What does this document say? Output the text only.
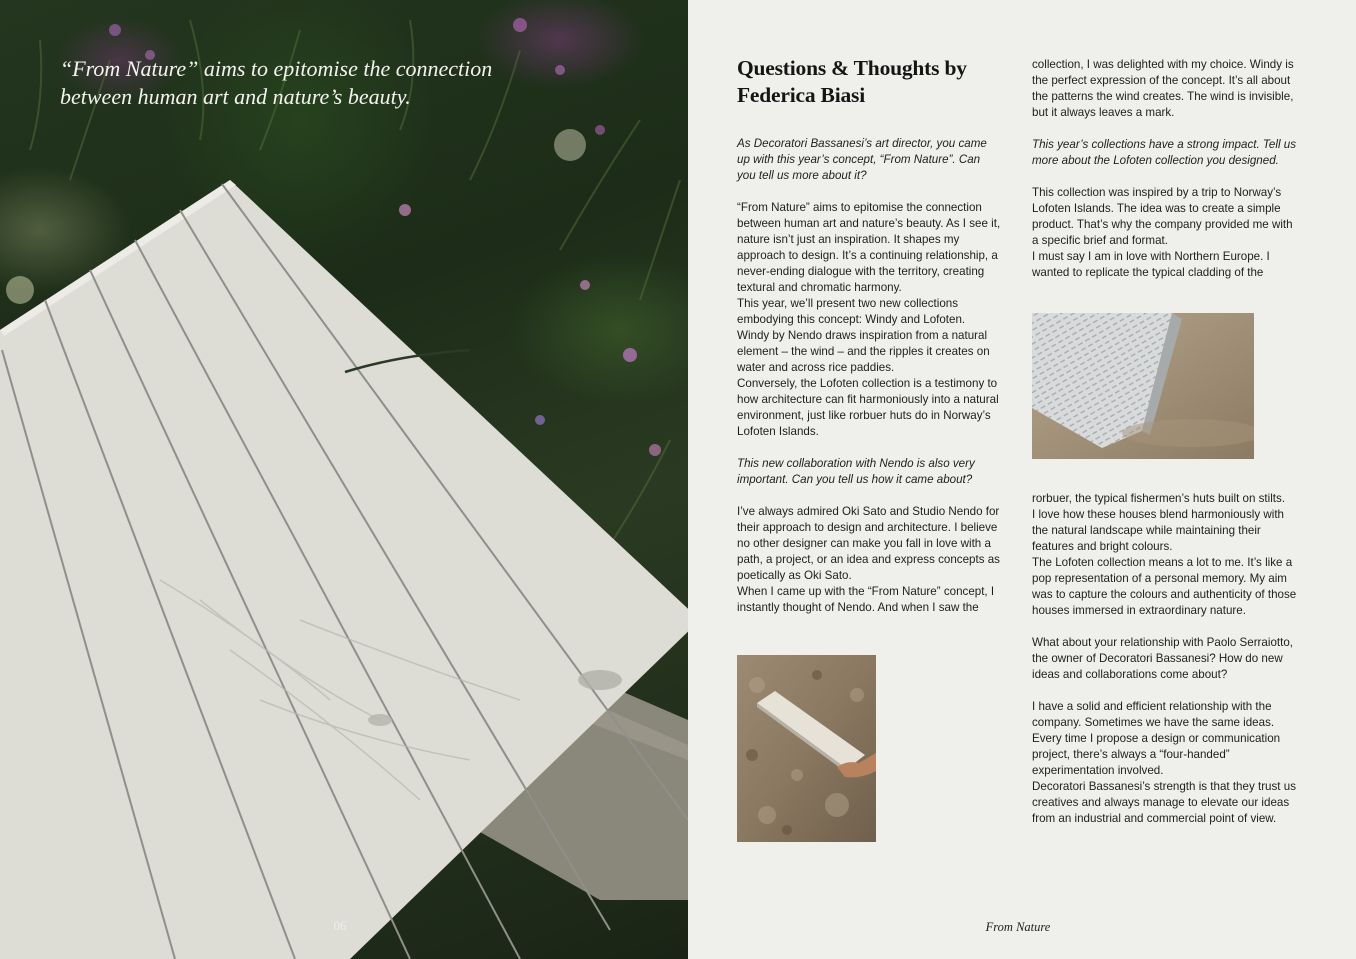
“From Nature” aims to epitomise the connection between human art and nature’s beauty.
06
Questions & Thoughts by Federica Biasi

As Decoratori Bassanesi’s art director, you came up with this year’s concept, “From Nature”. Can you tell us more about it?

“From Nature” aims to epitomise the connection between human art and nature’s beauty. As I see it, nature isn’t just an inspiration. It shapes my approach to design. It’s a continuing relationship, a never-ending dialogue with the territory, creating textural and chromatic harmony.

This year, we’ll present two new collections embodying this concept: Windy and Lofoten.

Windy by Nendo draws inspiration from a natural element – the wind – and the ripples it creates on water and across rice paddies.

Conversely, the Lofoten collection is a testimony to how architecture can fit harmoniously into a natural environment, just like rorbuer huts do in Norway’s Lofoten Islands.

This new collaboration with Nendo is also very important. Can you tell us how it came about?

I’ve always admired Oki Sato and Studio Nendo for their approach to design and architecture. I believe no other designer can make you fall in love with a path, a project, or an idea and express concepts as poetically as Oki Sato.

When I came up with the “From Nature” concept, I instantly thought of Nendo. And when I saw the

collection, I was delighted with my choice. Windy is the perfect expression of the concept. It’s all about the patterns the wind creates. The wind is invisible, but it always leaves a mark.

This year’s collections have a strong impact. Tell us more about the Lofoten collection you designed.

This collection was inspired by a trip to Norway’s Lofoten Islands. The idea was to create a simple product. That’s why the company provided me with a specific brief and format.

I must say I am in love with Northern Europe. I wanted to replicate the typical cladding of the

rorbuer, the typical fishermen’s huts built on stilts.

I love how these houses blend harmoniously with the natural landscape while maintaining their features and bright colours.

The Lofoten collection means a lot to me. It’s like a pop representation of a personal memory. My aim was to capture the colours and authenticity of those houses immersed in extraordinary nature.

What about your relationship with Paolo Serraiotto, the owner of Decoratori Bassanesi? How do new ideas and collaborations come about?

I have a solid and efficient relationship with the company. Sometimes we have the same ideas. Every time I propose a design or communication project, there’s always a “four-handed” experimentation involved.

Decoratori Bassanesi’s strength is that they trust us creatives and always manage to elevate our ideas from an industrial and commercial point of view.

From Nature
